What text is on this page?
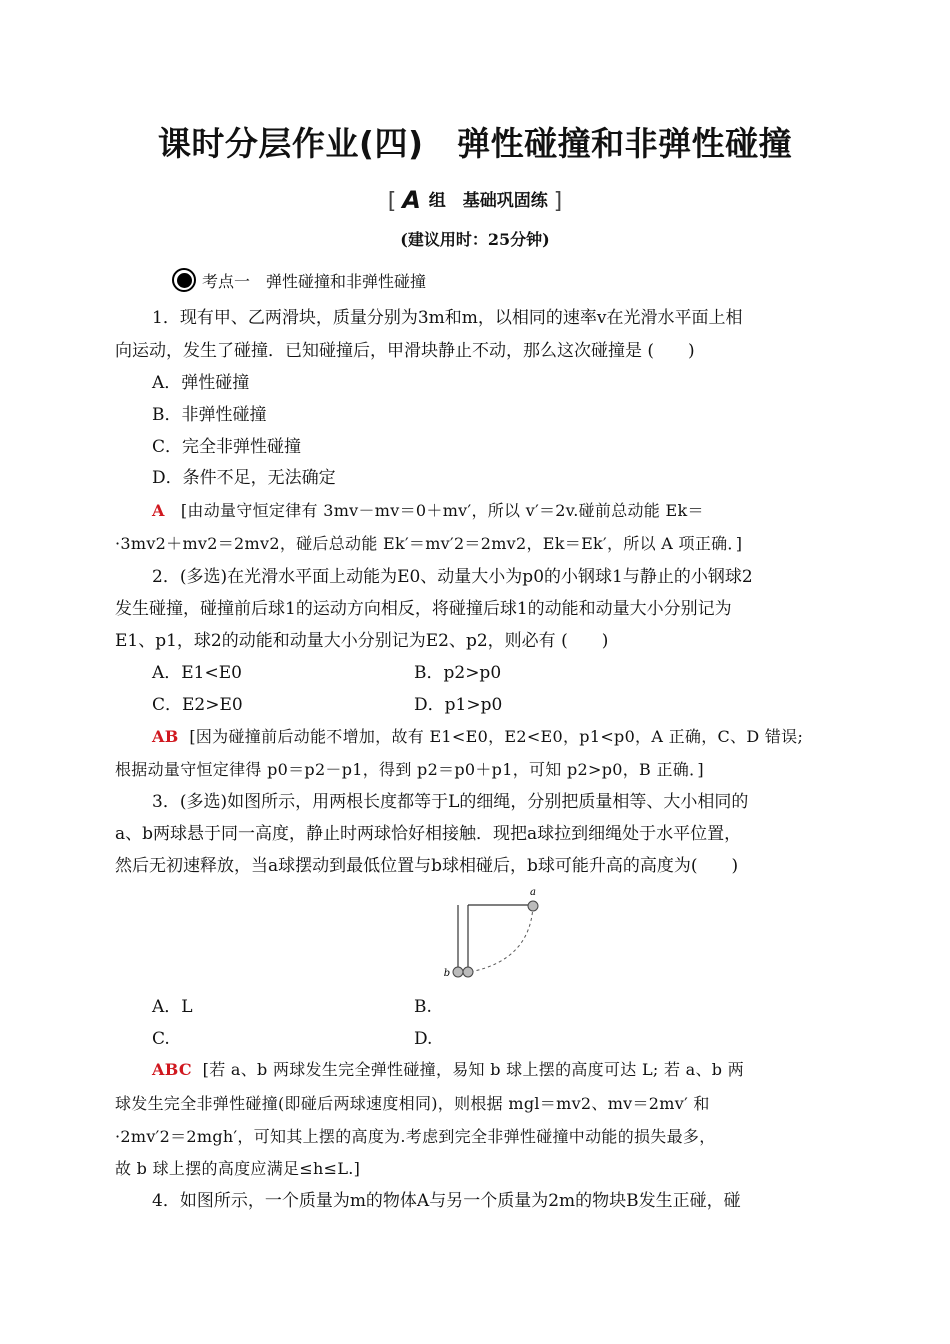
课时分层作业(四)　弹性碰撞和非弹性碰撞
[ A 组　基础巩固练 ]
(建议用时：25分钟)
考点一　弹性碰撞和非弹性碰撞
1．现有甲、乙两滑块，质量分别为3m和m，以相同的速率v在光滑水平面上相
向运动，发生了碰撞．已知碰撞后，甲滑块静止不动，那么这次碰撞是 (　　)
A．弹性碰撞
B．非弹性碰撞
C．完全非弹性碰撞
D．条件不足，无法确定
A [由动量守恒定律有 3mv－mv＝0＋mv′，所以 v′＝2v.碰前总动能 Ek＝
·3mv2＋mv2＝2mv2，碰后总动能 Ek′＝mv′2＝2mv2，Ek＝Ek′，所以 A 项正确．]
2．(多选)在光滑水平面上动能为E0、动量大小为p0的小钢球1与静止的小钢球2
发生碰撞，碰撞前后球1的运动方向相反，将碰撞后球1的动能和动量大小分别记为
E1、p1，球2的动能和动量大小分别记为E2、p2，则必有 (　　)
A．E1<E0	B．p2>p0
C．E2>E0	D．p1>p0
AB [因为碰撞前后动能不增加，故有 E1<E0，E2<E0，p1<p0，A 正确，C、D 错误;
根据动量守恒定律得 p0＝p2－p1，得到 p2＝p0＋p1，可知 p2>p0，B 正确．]
3．(多选)如图所示，用两根长度都等于L的细绳，分别把质量相等、大小相同的
a、b两球悬于同一高度，静止时两球恰好相接触．现把a球拉到细绳处于水平位置，
然后无初速释放，当a球摆动到最低位置与b球相碰后，b球可能升高的高度为(　　)
a
b
A．L	B.
C.	D.
ABC [若 a、b 两球发生完全弹性碰撞，易知 b 球上摆的高度可达 L; 若 a、b 两
球发生完全非弹性碰撞(即碰后两球速度相同)，则根据 mgl＝mv2、mv＝2mv′ 和
·2mv′2＝2mgh′，可知其上摆的高度为.考虑到完全非弹性碰撞中动能的损失最多，
故 b 球上摆的高度应满足≤h≤L.]
4．如图所示，一个质量为m的物体A与另一个质量为2m的物块B发生正碰，碰
